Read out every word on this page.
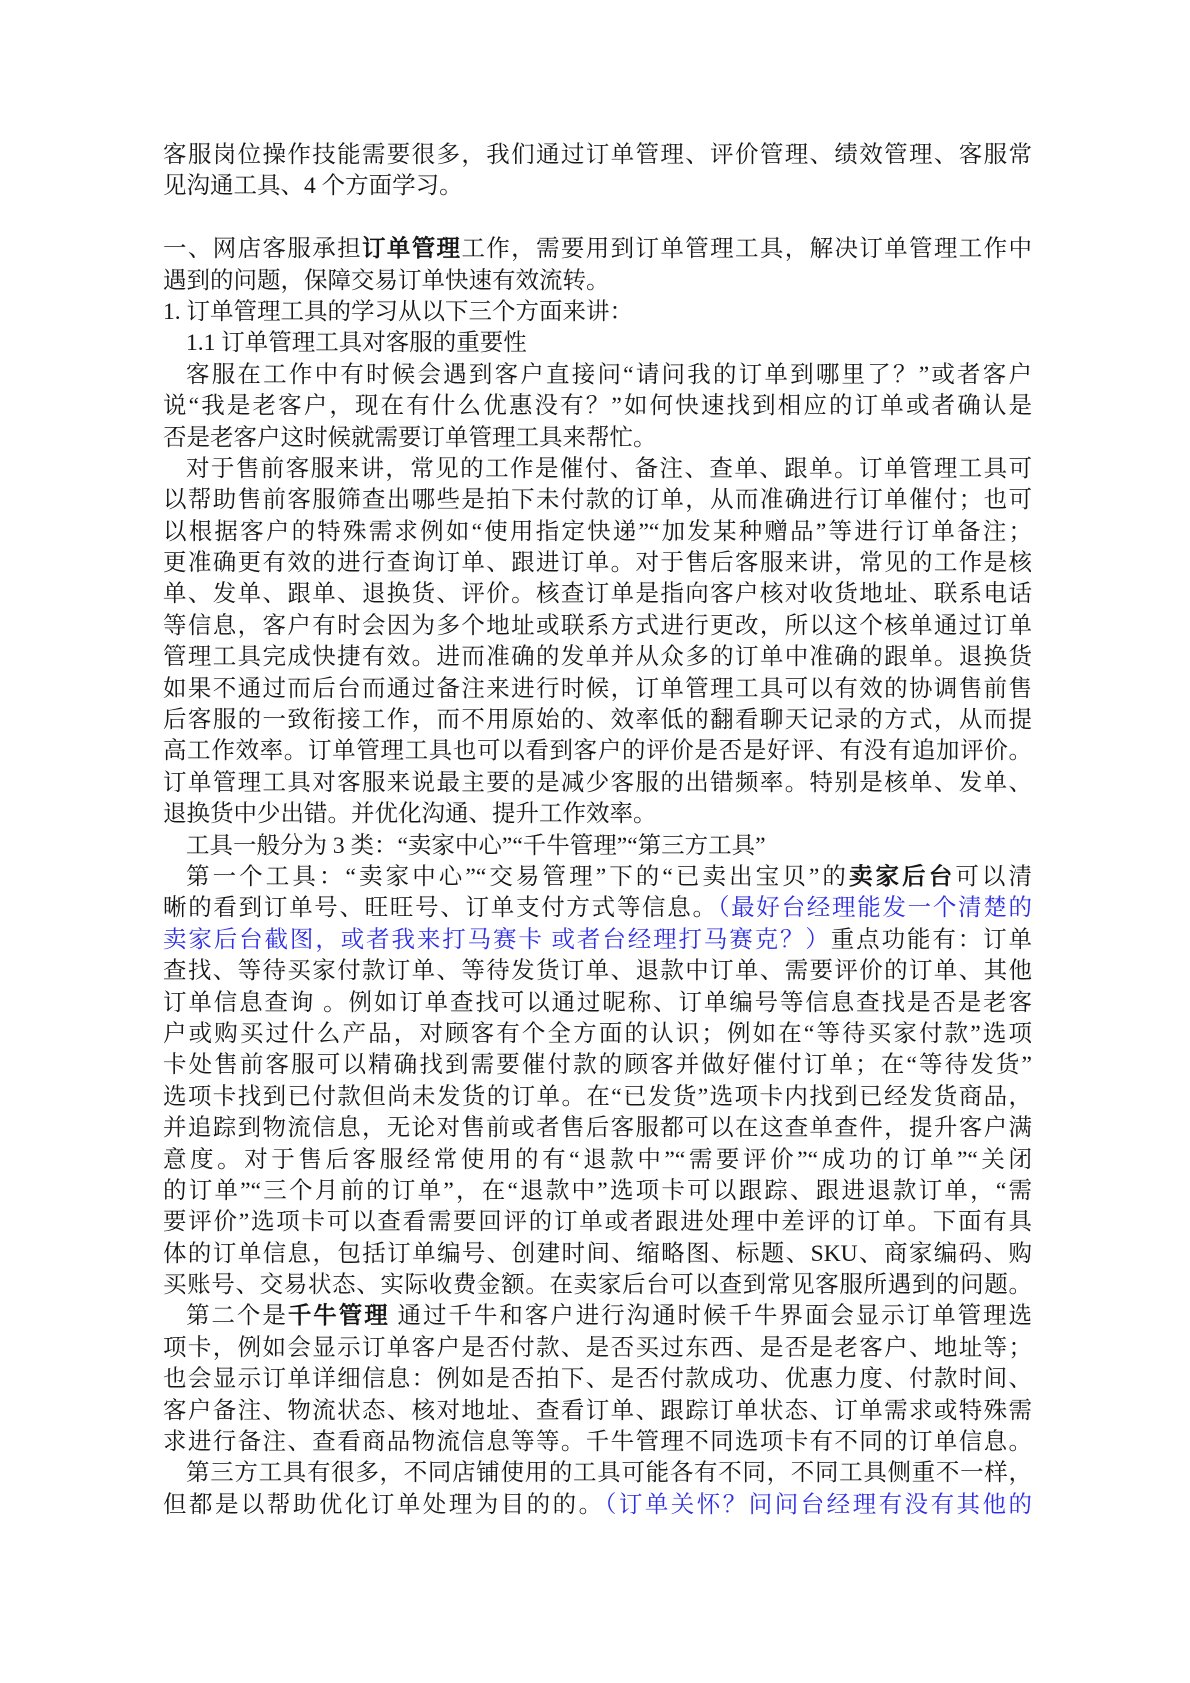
客服岗位操作技能需要很多，我们通过订单管理、评价管理、绩效管理、客服常
见沟通工具、4 个方面学习。
一、网店客服承担订单管理工作，需要用到订单管理工具，解决订单管理工作中
遇到的问题，保障交易订单快速有效流转。
1. 订单管理工具的学习从以下三个方面来讲：
1.1 订单管理工具对客服的重要性
客服在工作中有时候会遇到客户直接问“请问我的订单到哪里了？”或者客户
说“我是老客户，现在有什么优惠没有？”如何快速找到相应的订单或者确认是
否是老客户这时候就需要订单管理工具来帮忙。
对于售前客服来讲，常见的工作是催付、备注、查单、跟单。订单管理工具可
以帮助售前客服筛查出哪些是拍下未付款的订单，从而准确进行订单催付；也可
以根据客户的特殊需求例如“使用指定快递”“加发某种赠品”等进行订单备注；
更准确更有效的进行查询订单、跟进订单。对于售后客服来讲，常见的工作是核
单、发单、跟单、退换货、评价。核查订单是指向客户核对收货地址、联系电话
等信息，客户有时会因为多个地址或联系方式进行更改，所以这个核单通过订单
管理工具完成快捷有效。进而准确的发单并从众多的订单中准确的跟单。退换货
如果不通过而后台而通过备注来进行时候，订单管理工具可以有效的协调售前售
后客服的一致衔接工作，而不用原始的、效率低的翻看聊天记录的方式，从而提
高工作效率。订单管理工具也可以看到客户的评价是否是好评、有没有追加评价。
订单管理工具对客服来说最主要的是减少客服的出错频率。特别是核单、发单、
退换货中少出错。并优化沟通、提升工作效率。
工具一般分为 3 类：“卖家中心”“千牛管理”“第三方工具”
第一个工具：“卖家中心”“交易管理”下的“已卖出宝贝”的卖家后台可以清
晰的看到订单号、旺旺号、订单支付方式等信息。（最好台经理能发一个清楚的
卖家后台截图，或者我来打马赛卡 或者台经理打马赛克？）重点功能有：订单
查找、等待买家付款订单、等待发货订单、退款中订单、需要评价的订单、其他
订单信息查询 。例如订单查找可以通过昵称、订单编号等信息查找是否是老客
户或购买过什么产品，对顾客有个全方面的认识；例如在“等待买家付款”选项
卡处售前客服可以精确找到需要催付款的顾客并做好催付订单；在“等待发货”
选项卡找到已付款但尚未发货的订单。在“已发货”选项卡内找到已经发货商品，
并追踪到物流信息，无论对售前或者售后客服都可以在这查单查件，提升客户满
意度。对于售后客服经常使用的有“退款中”“需要评价”“成功的订单”“关闭
的订单”“三个月前的订单”，在“退款中”选项卡可以跟踪、跟进退款订单，“需
要评价”选项卡可以查看需要回评的订单或者跟进处理中差评的订单。下面有具
体的订单信息，包括订单编号、创建时间、缩略图、标题、SKU、商家编码、购
买账号、交易状态、实际收费金额。在卖家后台可以查到常见客服所遇到的问题。
第二个是千牛管理 通过千牛和客户进行沟通时候千牛界面会显示订单管理选
项卡，例如会显示订单客户是否付款、是否买过东西、是否是老客户、地址等；
也会显示订单详细信息：例如是否拍下、是否付款成功、优惠力度、付款时间、
客户备注、物流状态、核对地址、查看订单、跟踪订单状态、订单需求或特殊需
求进行备注、查看商品物流信息等等。千牛管理不同选项卡有不同的订单信息。
第三方工具有很多，不同店铺使用的工具可能各有不同，不同工具侧重不一样，
但都是以帮助优化订单处理为目的的。（订单关怀？问问台经理有没有其他的
